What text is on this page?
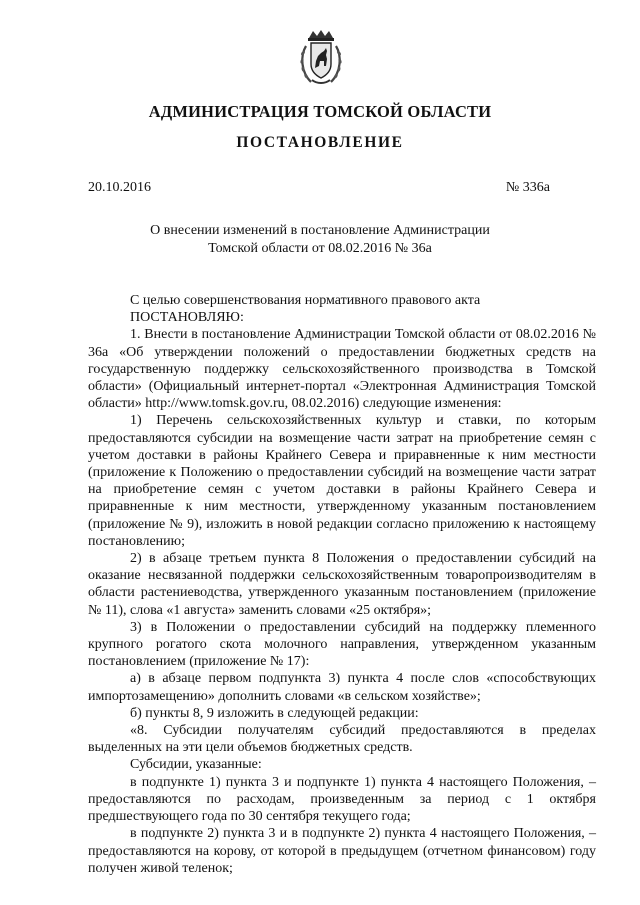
АДМИНИСТРАЦИЯ ТОМСКОЙ ОБЛАСТИ
ПОСТАНОВЛЕНИЕ
20.10.2016	№ 336а
О внесении изменений в постановление Администрации
Томской области от 08.02.2016 № 36а

С целью совершенствования нормативного правового акта

ПОСТАНОВЛЯЮ:

1. Внести в постановление Администрации Томской области от 08.02.2016 № 36а «Об утверждении положений о предоставлении бюджетных средств на государственную поддержку сельскохозяйственного производства в Томской области» (Официальный интернет-портал «Электронная Администрация Томской области» http://www.tomsk.gov.ru, 08.02.2016) следующие изменения:

1) Перечень сельскохозяйственных культур и ставки, по которым предоставляются субсидии на возмещение части затрат на приобретение семян с учетом доставки в районы Крайнего Севера и приравненные к ним местности (приложение к Положению о предоставлении субсидий на возмещение части затрат на приобретение семян с учетом доставки в районы Крайнего Севера и приравненные к ним местности, утвержденному указанным постановлением (приложение № 9), изложить в новой редакции согласно приложению к настоящему постановлению;

2) в абзаце третьем пункта 8 Положения о предоставлении субсидий на оказание несвязанной поддержки сельскохозяйственным товаропроизводителям в области растениеводства, утвержденного указанным постановлением (приложение № 11), слова «1 августа» заменить словами «25 октября»;

3) в Положении о предоставлении субсидий на поддержку племенного крупного рогатого скота молочного направления, утвержденном указанным постановлением (приложение № 17):

а) в абзаце первом подпункта 3) пункта 4 после слов «способствующих импортозамещению» дополнить словами «в сельском хозяйстве»;

б) пункты 8, 9 изложить в следующей редакции:

«8. Субсидии получателям субсидий предоставляются в пределах выделенных на эти цели объемов бюджетных средств.

Субсидии, указанные:

в подпункте 1) пункта 3 и подпункте 1) пункта 4 настоящего Положения, – предоставляются по расходам, произведенным за период с 1 октября предшествующего года по 30 сентября текущего года;

в подпункте 2) пункта 3 и в подпункте 2) пункта 4 настоящего Положения, – предоставляются на корову, от которой в предыдущем (отчетном финансовом) году получен живой теленок;
